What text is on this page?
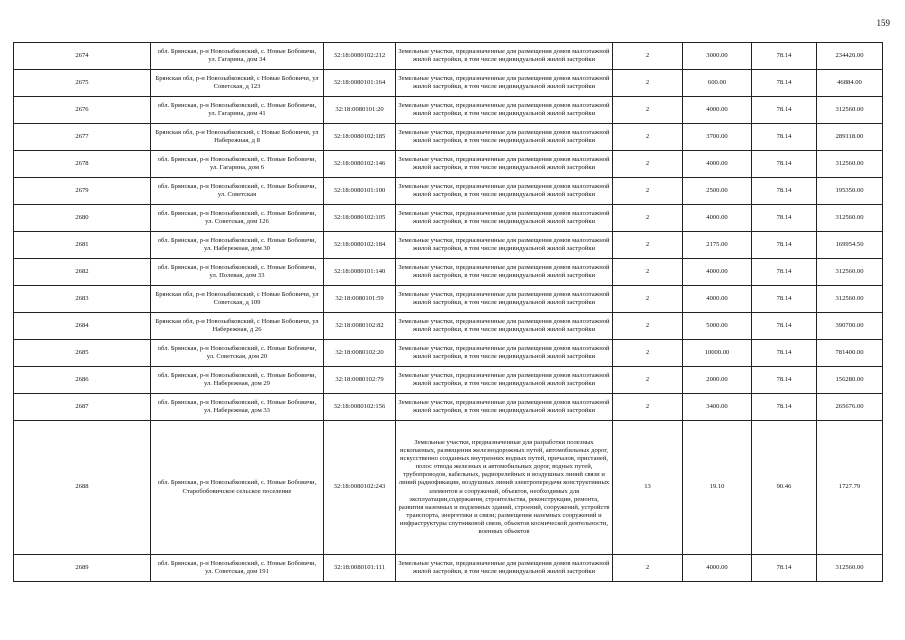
159
2674	обл. Брянская, р-н Новозыбковский, с. Новые Бобовичи, ул. Гагарина, дом 34	32:18:0080102:212	Земельные участки, предназначенные для размещения домов малоэтажной жилой застройки, в том числе индивидуальной жилой застройки	2	3000.00	78.14	234420.00
2675	Брянская обл, р-н Новозыбковский, с Новые Бобовичи, ул Советская, д 123	32:18:0080101:164	Земельные участки, предназначенные для размещения домов малоэтажной жилой застройки, в том числе индивидуальной жилой застройки	2	600.00	78.14	46884.00
2676	обл. Брянская, р-н Новозыбковский, с. Новые Бобовичи, ул. Гагарина, дом 41	32:18:0080101:20	Земельные участки, предназначенные для размещения домов малоэтажной жилой застройки, в том числе индивидуальной жилой застройки	2	4000.00	78.14	312560.00
2677	Брянская обл, р-н Новозыбковский, с Новые Бобовичи, ул Набережная, д 8	32:18:0080102:185	Земельные участки, предназначенные для размещения домов малоэтажной жилой застройки, в том числе индивидуальной жилой застройки	2	3700.00	78.14	289118.00
2678	обл. Брянская, р-н Новозыбковский, с. Новые Бобовичи, ул. Гагарина, дом 6	32:18:0080102:146	Земельные участки, предназначенные для размещения домов малоэтажной жилой застройки, в том числе индивидуальной жилой застройки	2	4000.00	78.14	312560.00
2679	обл. Брянская, р-н Новозыбковский, с. Новые Бобовичи, ул. Советская	32:18:0080101:100	Земельные участки, предназначенные для размещения домов малоэтажной жилой застройки, в том числе индивидуальной жилой застройки	2	2500.00	78.14	195350.00
2680	обл. Брянская, р-н Новозыбковский, с. Новые Бобовичи, ул. Советская, дом 126	32:18:0080102:105	Земельные участки, предназначенные для размещения домов малоэтажной жилой застройки, в том числе индивидуальной жилой застройки	2	4000.00	78.14	312560.00
2681	обл. Брянская, р-н Новозыбковский, с. Новые Бобовичи, ул. Набережная, дом 30	32:18:0080102:184	Земельные участки, предназначенные для размещения домов малоэтажной жилой застройки, в том числе индивидуальной жилой застройки	2	2175.00	78.14	169954.50
2682	обл. Брянская, р-н Новозыбковский, с. Новые Бобовичи, ул. Полевая, дом 33	32:18:0080101:140	Земельные участки, предназначенные для размещения домов малоэтажной жилой застройки, в том числе индивидуальной жилой застройки	2	4000.00	78.14	312560.00
2683	Брянская обл, р-н Новозыбковский, с Новые Бобовичи, ул Советская, д 109	32:18:0080101:59	Земельные участки, предназначенные для размещения домов малоэтажной жилой застройки, в том числе индивидуальной жилой застройки	2	4000.00	78.14	312560.00
2684	Брянская обл, р-н Новозыбковский, с Новые Бобовичи, ул Набережная, д 26	32:18:0080102:82	Земельные участки, предназначенные для размещения домов малоэтажной жилой застройки, в том числе индивидуальной жилой застройки	2	5000.00	78.14	390700.00
2685	обл. Брянская, р-н Новозыбковский, с. Новые Бобовичи, ул. Советская, дом 20	32:18:0080102:20	Земельные участки, предназначенные для размещения домов малоэтажной жилой застройки, в том числе индивидуальной жилой застройки	2	10000.00	78.14	781400.00
2686	обл. Брянская, р-н Новозыбковский, с. Новые Бобовичи, ул. Набережная, дом 29	32:18:0080102:79	Земельные участки, предназначенные для размещения домов малоэтажной жилой застройки, в том числе индивидуальной жилой застройки	2	2000.00	78.14	156280.00
2687	обл. Брянская, р-н Новозыбковский, с. Новые Бобовичи, ул. Набережная, дом 33	32:18:0080102:156	Земельные участки, предназначенные для размещения домов малоэтажной жилой застройки, в том числе индивидуальной жилой застройки	2	3400.00	78.14	265676.00
2688	обл. Брянская, р-н Новозыбковский, с. Новые Бобовичи, Старобобовичское сельское поселение	32:18:0080102:243	Земельные участки, предназначенные для разработки полезных ископаемых, размещения железнодорожных путей, автомобильных дорог, искусственно созданных внутренних водных путей, причалов, пристаней, полос отвода железных и автомобильных дорог, водных путей, трубопроводов, кабельных, радиорелейных и воздушных линий связи и линий радиофикации, воздушных линий электропередачи конструктивных элементов и сооружений, объектов, необходимых для эксплуатации,содержания, строительства, реконструкции, ремонта, развития наземных и подземных зданий, строений, сооружений, устройств транспорта, энергетики и связи; размещения наземных сооружений и инфраструктуры спутниковой связи, объектов космической деятельности, военных объектов	13	19.10	90.46	1727.79
2689	обл. Брянская, р-н Новозыбковский, с. Новые Бобовичи, ул. Советская, дом 191	32:18:0080101:111	Земельные участки, предназначенные для размещения домов малоэтажной жилой застройки, в том числе индивидуальной жилой застройки	2	4000.00	78.14	312560.00
